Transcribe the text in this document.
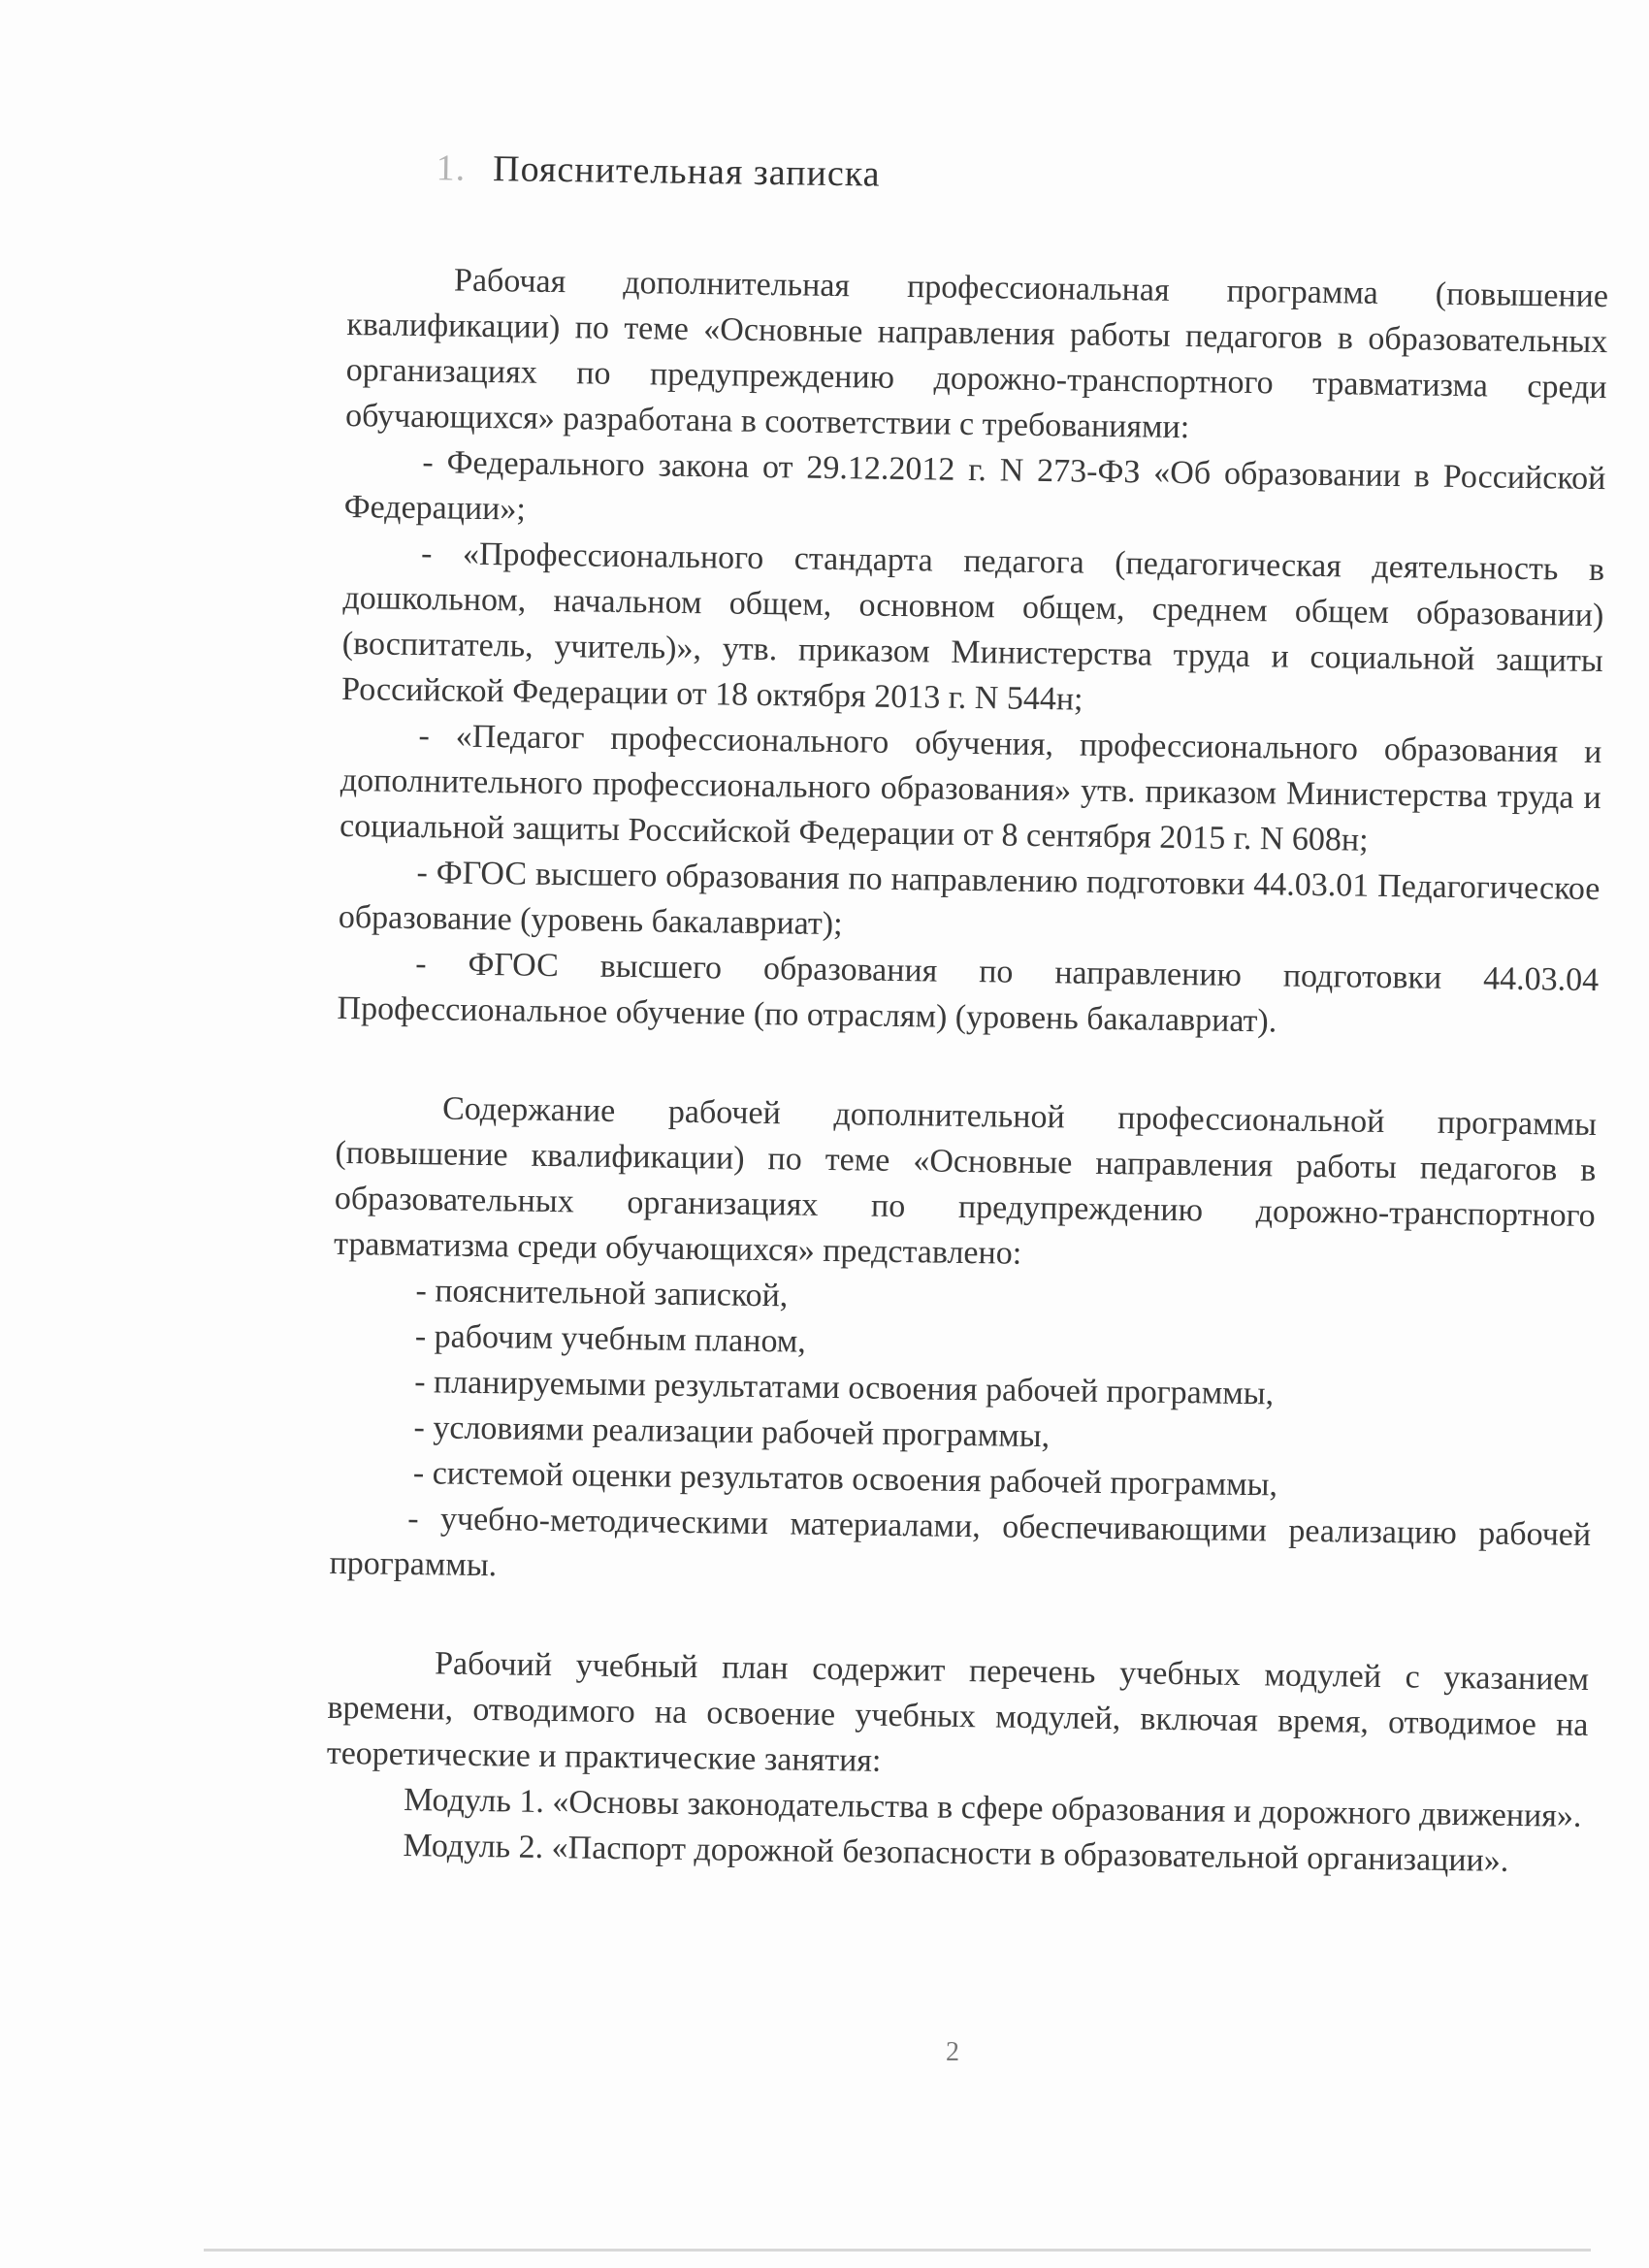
1. Пояснительная записка

Рабочая дополнительная профессиональная программа (повышение квалификации) по теме «Основные направления работы педагогов в образовательных организациях по предупреждению дорожно-транспортного травматизма среди обучающихся» разработана в соответствии с требованиями:

- Федерального закона от 29.12.2012 г. N 273-ФЗ «Об образовании в Российской Федерации»;

- «Профессионального стандарта педагога (педагогическая деятельность в дошкольном, начальном общем, основном общем, среднем общем образовании) (воспитатель, учитель)», утв. приказом Министерства труда и социальной защиты Российской Федерации от 18 октября 2013 г. N 544н;

- «Педагог профессионального обучения, профессионального образования и дополнительного профессионального образования» утв. приказом Министерства труда и социальной защиты Российской Федерации от 8 сентября 2015 г. N 608н;

- ФГОС высшего образования по направлению подготовки 44.03.01 Педагогическое образование (уровень бакалавриат);

- ФГОС высшего образования по направлению подготовки 44.03.04 Профессиональное обучение (по отраслям) (уровень бакалавриат).

Содержание рабочей дополнительной профессиональной программы (повышение квалификации) по теме «Основные направления работы педагогов в образовательных организациях по предупреждению дорожно-транспортного травматизма среди обучающихся» представлено:

- пояснительной запиской,

- рабочим учебным планом,

- планируемыми результатами освоения рабочей программы,

- условиями реализации рабочей программы,

- системой оценки результатов освоения рабочей программы,

- учебно-методическими материалами, обеспечивающими реализацию рабочей программы.

Рабочий учебный план содержит перечень учебных модулей с указанием времени, отводимого на освоение учебных модулей, включая время, отводимое на теоретические и практические занятия:

Модуль 1. «Основы законодательства в сфере образования и дорожного движения».

Модуль 2. «Паспорт дорожной безопасности в образовательной организации».

2
